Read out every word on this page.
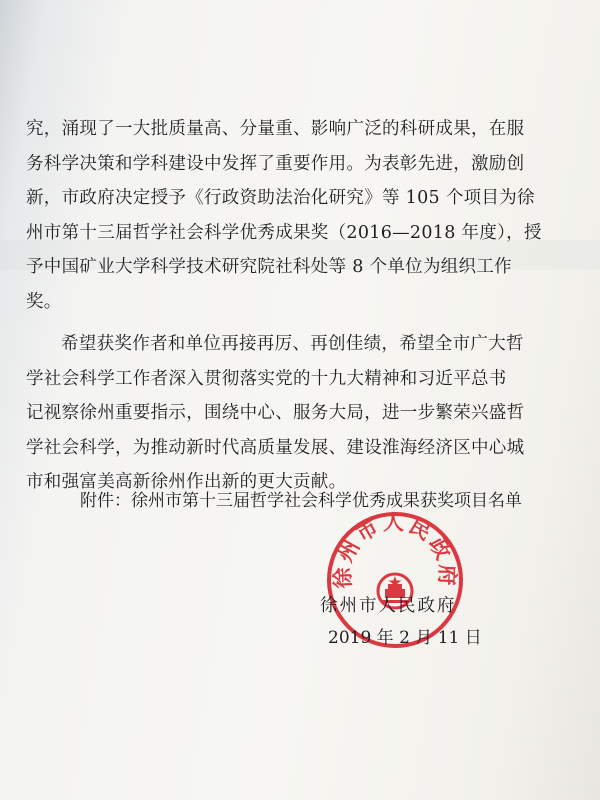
究，涌现了一大批质量高、分量重、影响广泛的科研成果，在服
务科学决策和学科建设中发挥了重要作用。为表彰先进，激励创
新，市政府决定授予《行政资助法治化研究》等 105 个项目为徐
州市第十三届哲学社会科学优秀成果奖（2016—2018 年度），授
予中国矿业大学科学技术研究院社科处等 8 个单位为组织工作
奖。
希望获奖作者和单位再接再厉、再创佳绩，希望全市广大哲
学社会科学工作者深入贯彻落实党的十九大精神和习近平总书
记视察徐州重要指示，围绕中心、服务大局，进一步繁荣兴盛哲
学社会科学，为推动新时代高质量发展、建设淮海经济区中心城
市和强富美高新徐州作出新的更大贡献。
附件：徐州市第十三届哲学社会科学优秀成果获奖项目名单
徐州市人民政府
徐州市人民政府
2019 年 2 月 11 日
